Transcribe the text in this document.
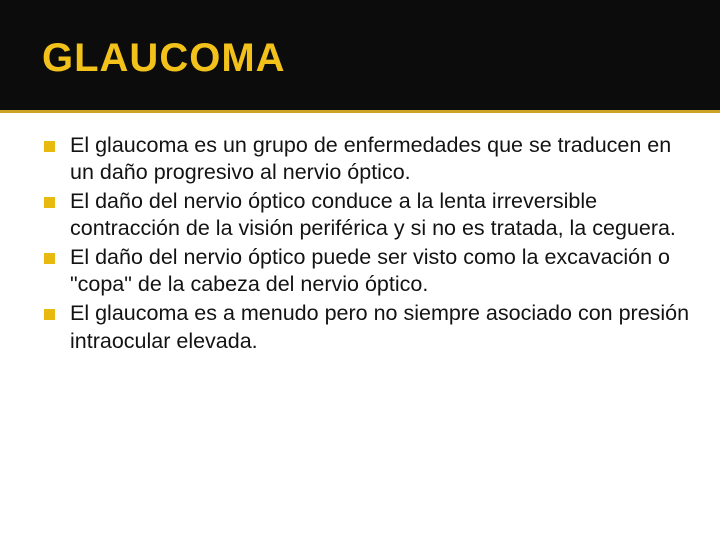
GLAUCOMA
El glaucoma es un grupo de enfermedades que se traducen en un daño progresivo al nervio óptico.
El daño del nervio óptico conduce a la lenta irreversible contracción de la visión periférica y si no es tratada, la ceguera.
El daño del nervio óptico puede ser visto como la excavación o "copa" de la cabeza del nervio óptico.
El glaucoma es a menudo pero no siempre asociado con presión intraocular elevada.
